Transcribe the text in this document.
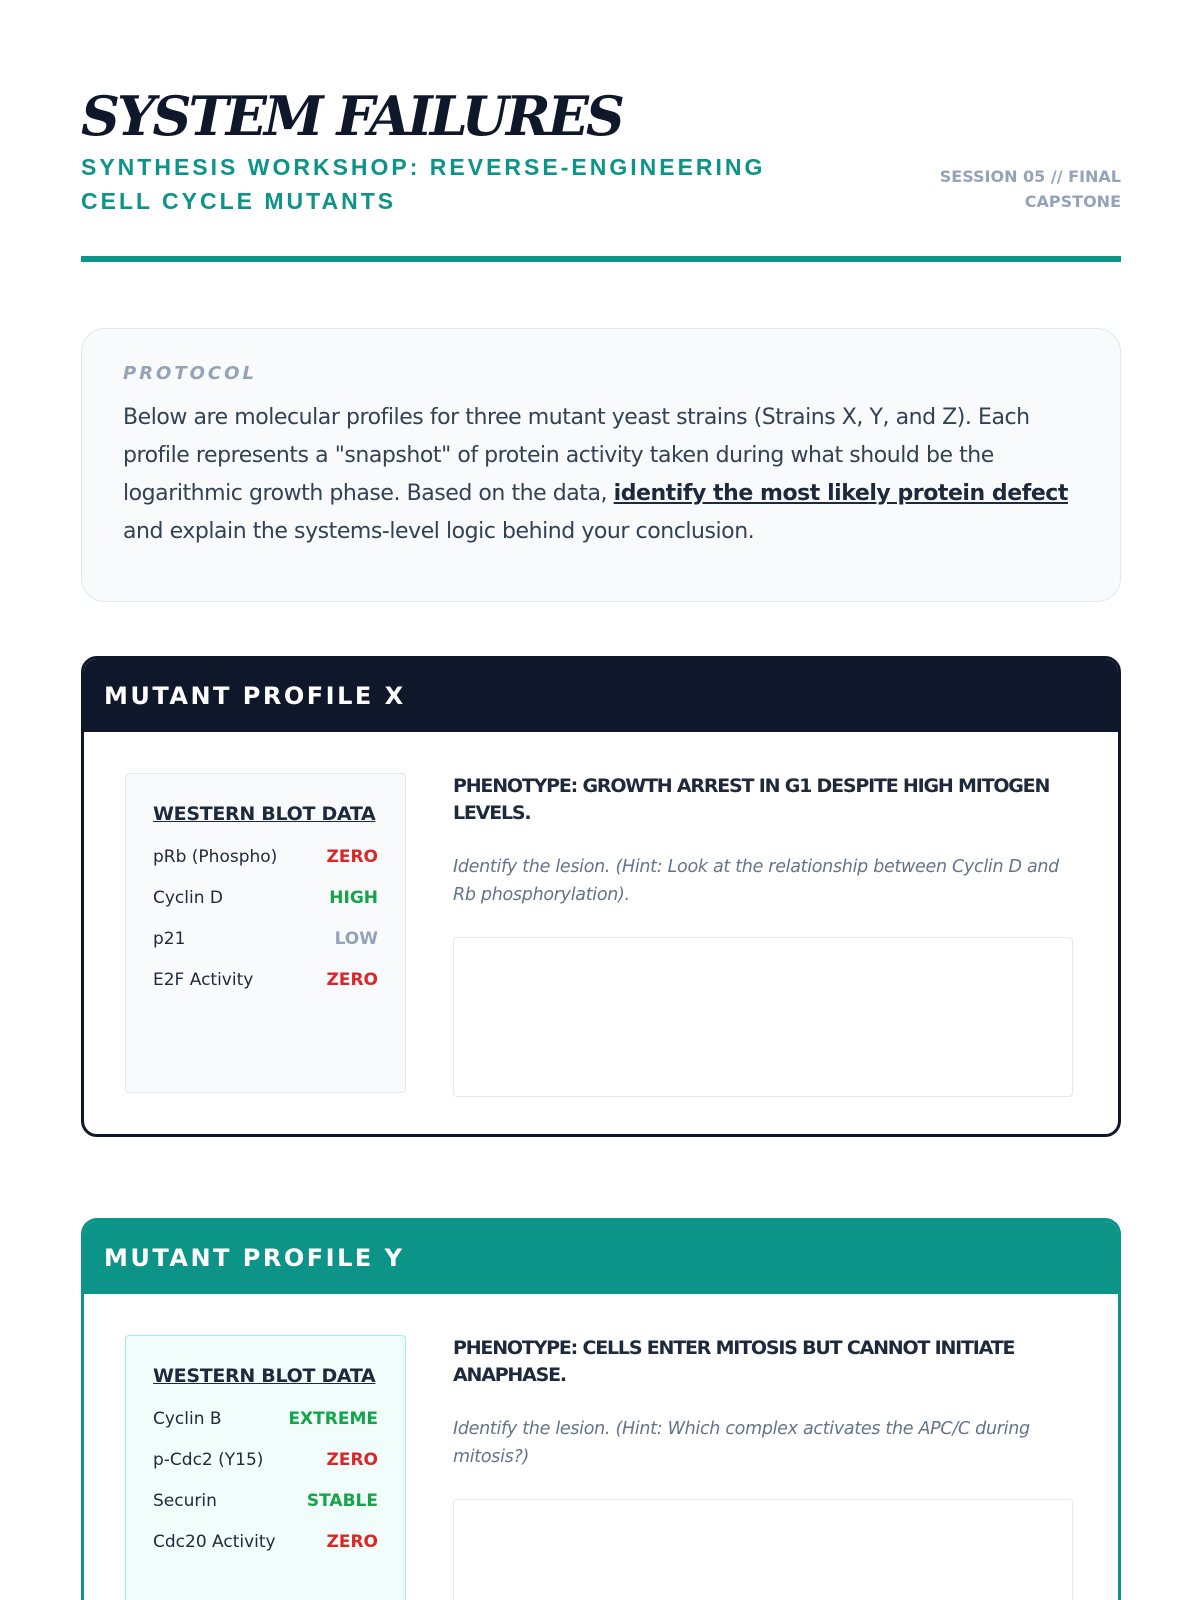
SYSTEM FAILURES
SYNTHESIS WORKSHOP: REVERSE-ENGINEERING CELL CYCLE MUTANTS
SESSION 05 // FINAL CAPSTONE
PROTOCOL

Below are molecular profiles for three mutant yeast strains (Strains X, Y, and Z). Each profile represents a "snapshot" of protein activity taken during what should be the logarithmic growth phase. Based on the data, identify the most likely protein defect and explain the systems-level logic behind your conclusion.

MUTANT PROFILE X
WESTERN BLOT DATA
pRb (Phospho)	ZERO
Cyclin D	HIGH
p21	LOW
E2F Activity	ZERO
PHENOTYPE: GROWTH ARREST IN G1 DESPITE HIGH MITOGEN LEVELS.
Identify the lesion. (Hint: Look at the relationship between Cyclin D and Rb phosphorylation).
MUTANT PROFILE Y
WESTERN BLOT DATA
Cyclin B	EXTREME
p-Cdc2 (Y15)	ZERO
Securin	STABLE
Cdc20 Activity	ZERO
PHENOTYPE: CELLS ENTER MITOSIS BUT CANNOT INITIATE ANAPHASE.
Identify the lesion. (Hint: Which complex activates the APC/C during mitosis?)
